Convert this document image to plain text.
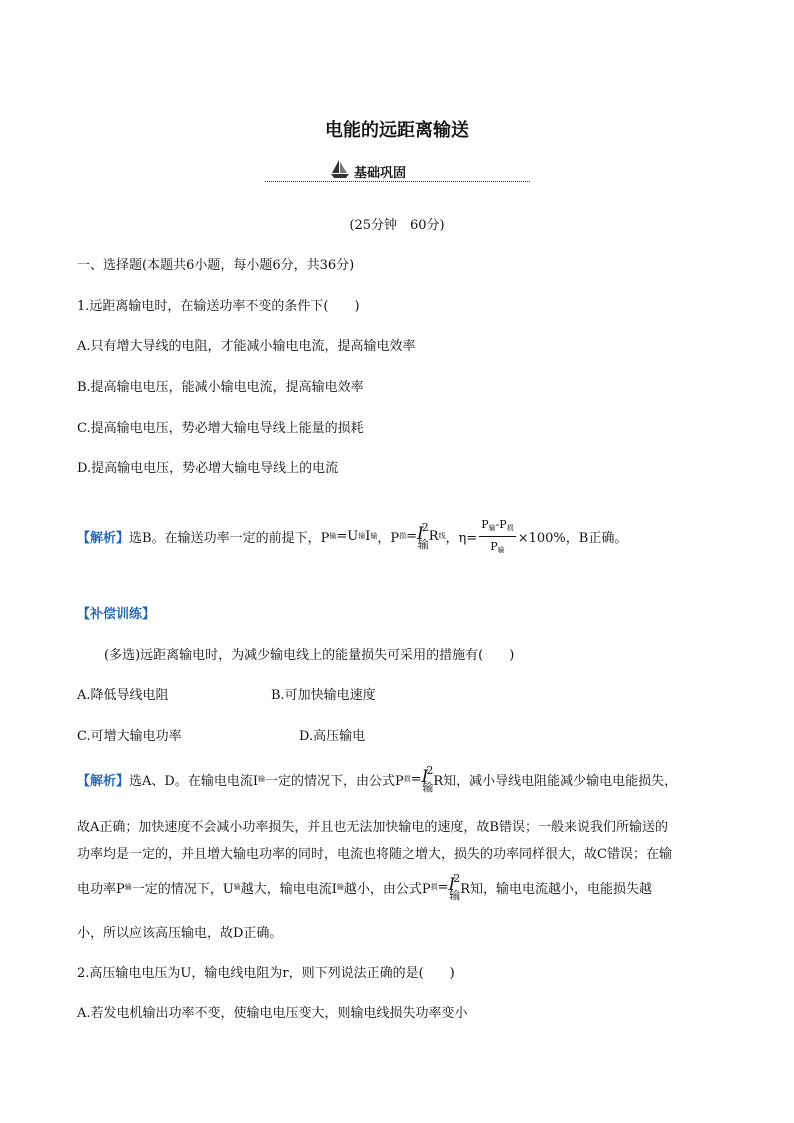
电能的远距离输送
基础巩固
(25分钟　60分)
一、选择题(本题共6小题，每小题6分，共36分)
1.远距离输电时，在输送功率不变的条件下(　　)
A.只有增大导线的电阻，才能减小输电电流，提高输电效率
B.提高输电电压，能减小输电电流，提高输电效率
C.提高输电电压，势必增大输电导线上能量的损耗
D.提高输电电压，势必增大输电导线上的电流
【解析】 选B。在输送功率一定的前提下，P 输 =U 输 I 输 ，P 损 = $I^2_输$
R 线 ，$\eta= \frac{P_输-P_损}{P_输} \times 100\%$，B正确。
【补偿训练】
(多选)远距离输电时，为减少输电线上的能量损失可采用的措施有(　　)
A.降低导线电阻	B.可加快输电速度
C.可增大输电功率	D.高压输电
【解析】 选A、D。在输电电流I 输 一定的情况下，由公式P 损 = $I^2_输$ R知，减小导线电阻能减少输电电能损失，
故A正确；加快速度不会减小功率损失，并且也无法加快输电的速度，故B错误；一般来说我们所输送的
功率均是一定的，并且增大输电功率的同时，电流也将随之增大，损失的功率同样很大，故C错误；在输
电功率P 输 一定的情况下，U 输 越大，输电电流I 输 越小，由公式P 损 = $I^2_输$ R知，输电电流越小，电能损失越
小，所以应该高压输电，故D正确。
2.高压输电电压为U，输电线电阻为r，则下列说法正确的是(　　)
A.若发电机输出功率不变，使输电电压变大，则输电线损失功率变小
